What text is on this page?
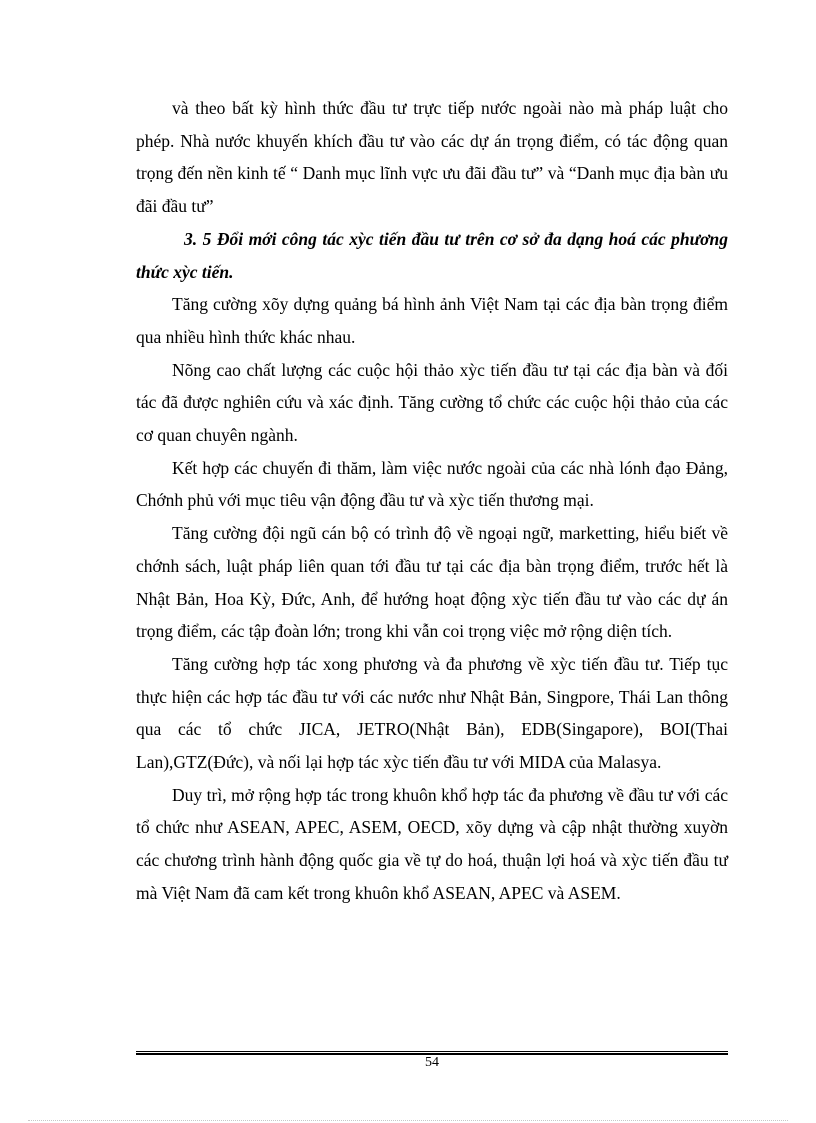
và theo bất kỳ hình thức đầu tư trực tiếp nước ngoài nào mà pháp luật cho phép. Nhà nước khuyến khích đầu tư vào các dự án trọng điểm, có tác động quan trọng đến nền kinh tế “ Danh mục lĩnh vực ưu đãi đầu tư” và “Danh mục địa bàn ưu đãi đầu tư”

3. 5 Đổi mới công tác xỳc tiến đầu tư trên cơ sở đa dạng hoá các phương thức xỳc tiến.

Tăng cường xõy dựng quảng bá hình ảnh Việt Nam tại các địa bàn trọng điểm qua nhiều hình thức khác nhau.

Nõng cao chất lượng các cuộc hội thảo xỳc tiến đầu tư tại các địa bàn và đối tác đã được nghiên cứu và xác định. Tăng cường tổ chức các cuộc hội thảo của các cơ quan chuyên ngành.

Kết hợp các chuyến đi thăm, làm việc nước ngoài của các nhà lónh đạo Đảng, Chớnh phủ với mục tiêu vận động đầu tư và xỳc tiến thương mại.

Tăng cường đội ngũ cán bộ có trình độ về ngoại ngữ, marketting, hiểu biết về chớnh sách, luật pháp liên quan tới đầu tư tại các địa bàn trọng điểm, trước hết là Nhật Bản, Hoa Kỳ, Đức, Anh, để hướng hoạt động xỳc tiến đầu tư vào các dự án trọng điểm, các tập đoàn lớn; trong khi vẫn coi trọng việc mở rộng diện tích.

Tăng cường hợp tác xong phương và đa phương về xỳc tiến đầu tư. Tiếp tục thực hiện các hợp tác đầu tư với các nước như Nhật Bản, Singpore, Thái Lan thông qua các tổ chức JICA, JETRO(Nhật Bản), EDB(Singapore), BOI(Thai Lan),GTZ(Đức), và nối lại hợp tác xỳc tiến đầu tư với MIDA của Malasya.

Duy trì, mở rộng hợp tác trong khuôn khổ hợp tác đa phương về đầu tư với các tổ chức như ASEAN, APEC, ASEM, OECD, xõy dựng và cập nhật thường xuyờn các chương trình hành động quốc gia về tự do hoá, thuận lợi hoá và xỳc tiến đầu tư mà Việt Nam đã cam kết trong khuôn khổ ASEAN, APEC và ASEM.

54
